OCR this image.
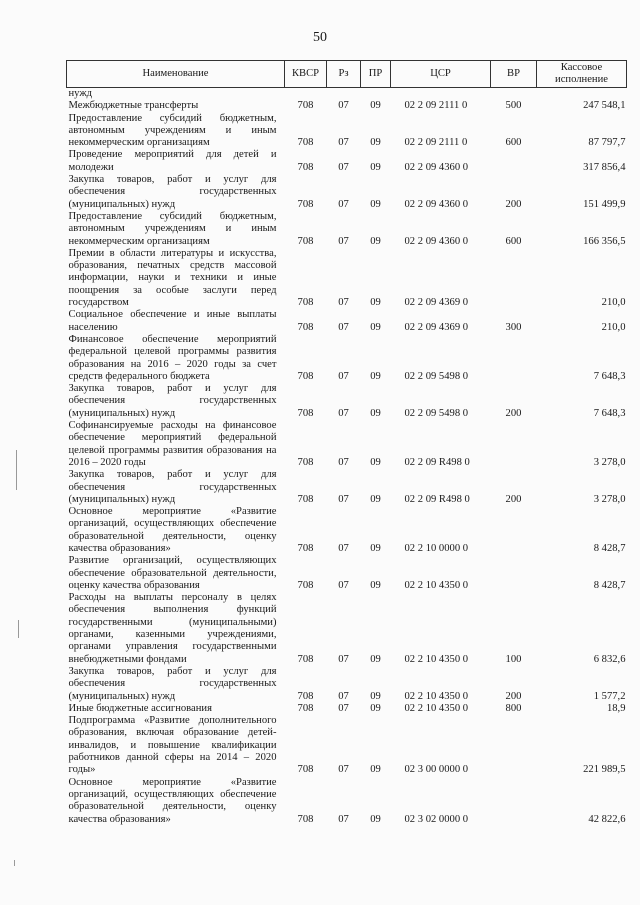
50
Наименование	КВСР	Рз	ПР	ЦСР	ВР	Кассовое исполнение
нужд						
Межбюджетные трансферты	708	07	09	02 2 09 2111 0	500	247 548,1
Предоставление субсидий бюджетным, автономным учреждениям и иным некоммерческим организациям	708	07	09	02 2 09 2111 0	600	87 797,7
Проведение мероприятий для детей и молодежи	708	07	09	02 2 09 4360 0		317 856,4
Закупка товаров, работ и услуг для обеспечения государственных (муниципальных) нужд	708	07	09	02 2 09 4360 0	200	151 499,9
Предоставление субсидий бюджетным, автономным учреждениям и иным некоммерческим организациям	708	07	09	02 2 09 4360 0	600	166 356,5
Премии в области литературы и искусства, образования, печатных средств массовой информации, науки и техники и иные поощрения за особые заслуги перед государством	708	07	09	02 2 09 4369 0		210,0
Социальное обеспечение и иные выплаты населению	708	07	09	02 2 09 4369 0	300	210,0
Финансовое обеспечение мероприятий федеральной целевой программы развития образования на 2016 – 2020 годы за счет средств федерального бюджета	708	07	09	02 2 09 5498 0		7 648,3
Закупка товаров, работ и услуг для обеспечения государственных (муниципальных) нужд	708	07	09	02 2 09 5498 0	200	7 648,3
Софинансируемые расходы на финансовое обеспечение мероприятий федеральной целевой программы развития образования на 2016 – 2020 годы	708	07	09	02 2 09 R498 0		3 278,0
Закупка товаров, работ и услуг для обеспечения государственных (муниципальных) нужд	708	07	09	02 2 09 R498 0	200	3 278,0
Основное мероприятие «Развитие организаций, осуществляющих обеспечение образовательной деятельности, оценку качества образования»	708	07	09	02 2 10 0000 0		8 428,7
Развитие организаций, осуществляющих обеспечение образовательной деятельности, оценку качества образования	708	07	09	02 2 10 4350 0		8 428,7
Расходы на выплаты персоналу в целях обеспечения выполнения функций государственными (муниципальными) органами, казенными учреждениями, органами управления государственными внебюджетными фондами	708	07	09	02 2 10 4350 0	100	6 832,6
Закупка товаров, работ и услуг для обеспечения государственных (муниципальных) нужд	708	07	09	02 2 10 4350 0	200	1 577,2
Иные бюджетные ассигнования	708	07	09	02 2 10 4350 0	800	18,9
Подпрограмма «Развитие дополнительного образования, включая образование детей-инвалидов, и повышение квалификации работников данной сферы на 2014 – 2020 годы»	708	07	09	02 3 00 0000 0		221 989,5
Основное мероприятие «Развитие организаций, осуществляющих обеспечение образовательной деятельности, оценку качества образования»	708	07	09	02 3 02 0000 0		42 822,6
